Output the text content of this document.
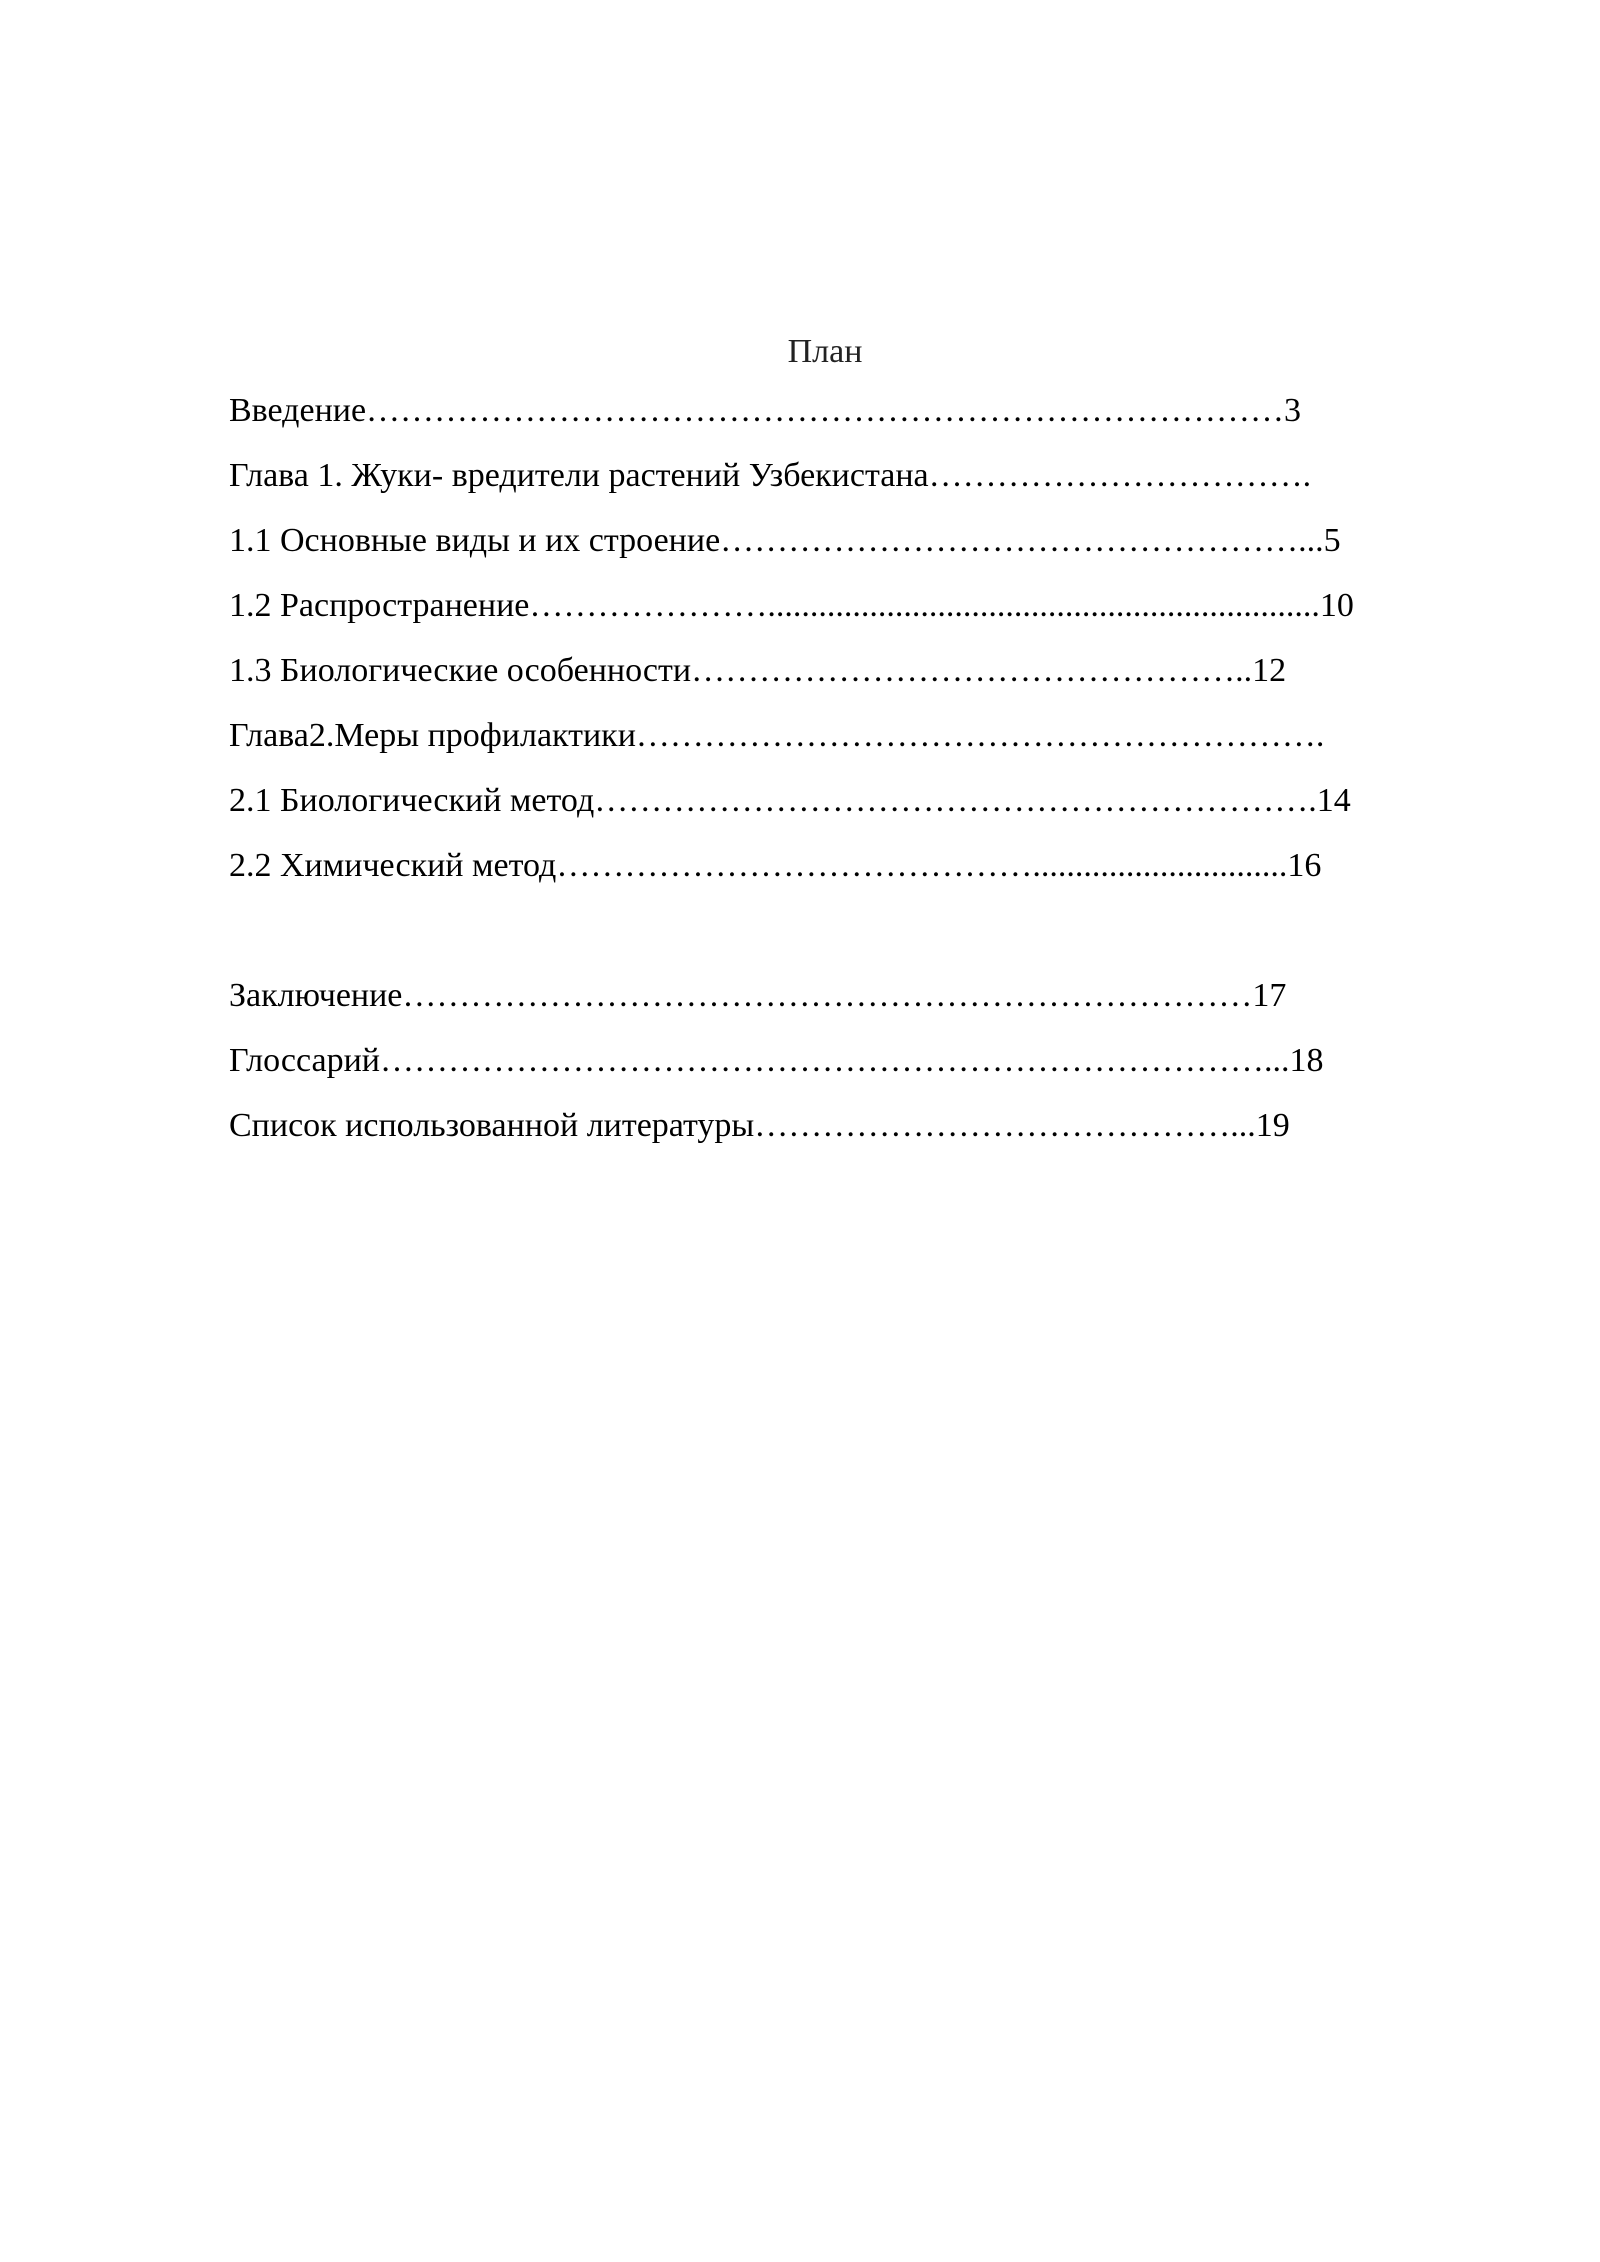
План
Введение………………………………………………………………………3
Глава 1. Жуки- вредители растений Узбекистана…………………………….
1.1 Основные виды и их строение……………………………………………...5
1.2 Распространение………………….................................................................10
1.3 Биологические особенности…………………………………………..12
Глава2.Меры профилактики…………………………………………………….
2.1 Биологический метод……………………………………………………….14
2.2 Химический метод……………………………………..............................16
Заключение…………………………………………………………………17
Глоссарий……………………………………………………………………...18
Список использованной литературы……………………………………...19
